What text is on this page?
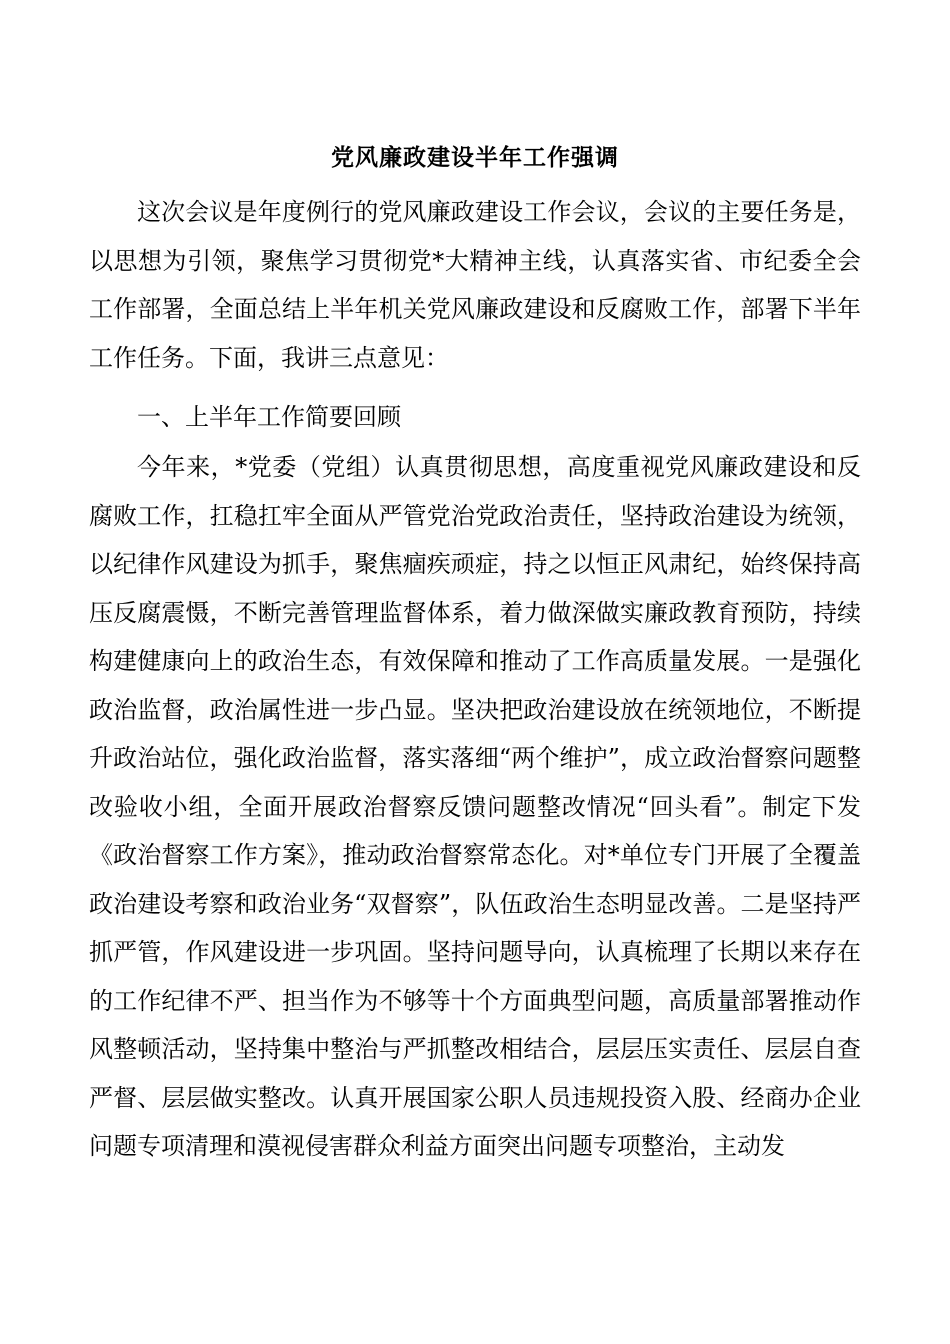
党风廉政建设半年工作强调

这次会议是年度例行的党风廉政建设工作会议，会议的主要任务是，以思想为引领，聚焦学习贯彻党*大精神主线，认真落实省、市纪委全会工作部署，全面总结上半年机关党风廉政建设和反腐败工作，部署下半年工作任务。下面，我讲三点意见：

一、上半年工作简要回顾

今年来，*党委（党组）认真贯彻思想，高度重视党风廉政建设和反腐败工作，扛稳扛牢全面从严管党治党政治责任，坚持政治建设为统领，以纪律作风建设为抓手，聚焦痼疾顽症，持之以恒正风肃纪，始终保持高压反腐震慑，不断完善管理监督体系，着力做深做实廉政教育预防，持续构建健康向上的政治生态，有效保障和推动了工作高质量发展。一是强化政治监督，政治属性进一步凸显。坚决把政治建设放在统领地位，不断提升政治站位，强化政治监督，落实落细“两个维护”，成立政治督察问题整改验收小组，全面开展政治督察反馈问题整改情况“回头看”。制定下发《政治督察工作方案》，推动政治督察常态化。对*单位专门开展了全覆盖政治建设考察和政治业务“双督察”，队伍政治生态明显改善。二是坚持严抓严管，作风建设进一步巩固。坚持问题导向，认真梳理了长期以来存在的工作纪律不严、担当作为不够等十个方面典型问题，高质量部署推动作风整顿活动，坚持集中整治与严抓整改相结合，层层压实责任、层层自查严督、层层做实整改。认真开展国家公职人员违规投资入股、经商办企业问题专项清理和漠视侵害群众利益方面突出问题专项整治，主动发
